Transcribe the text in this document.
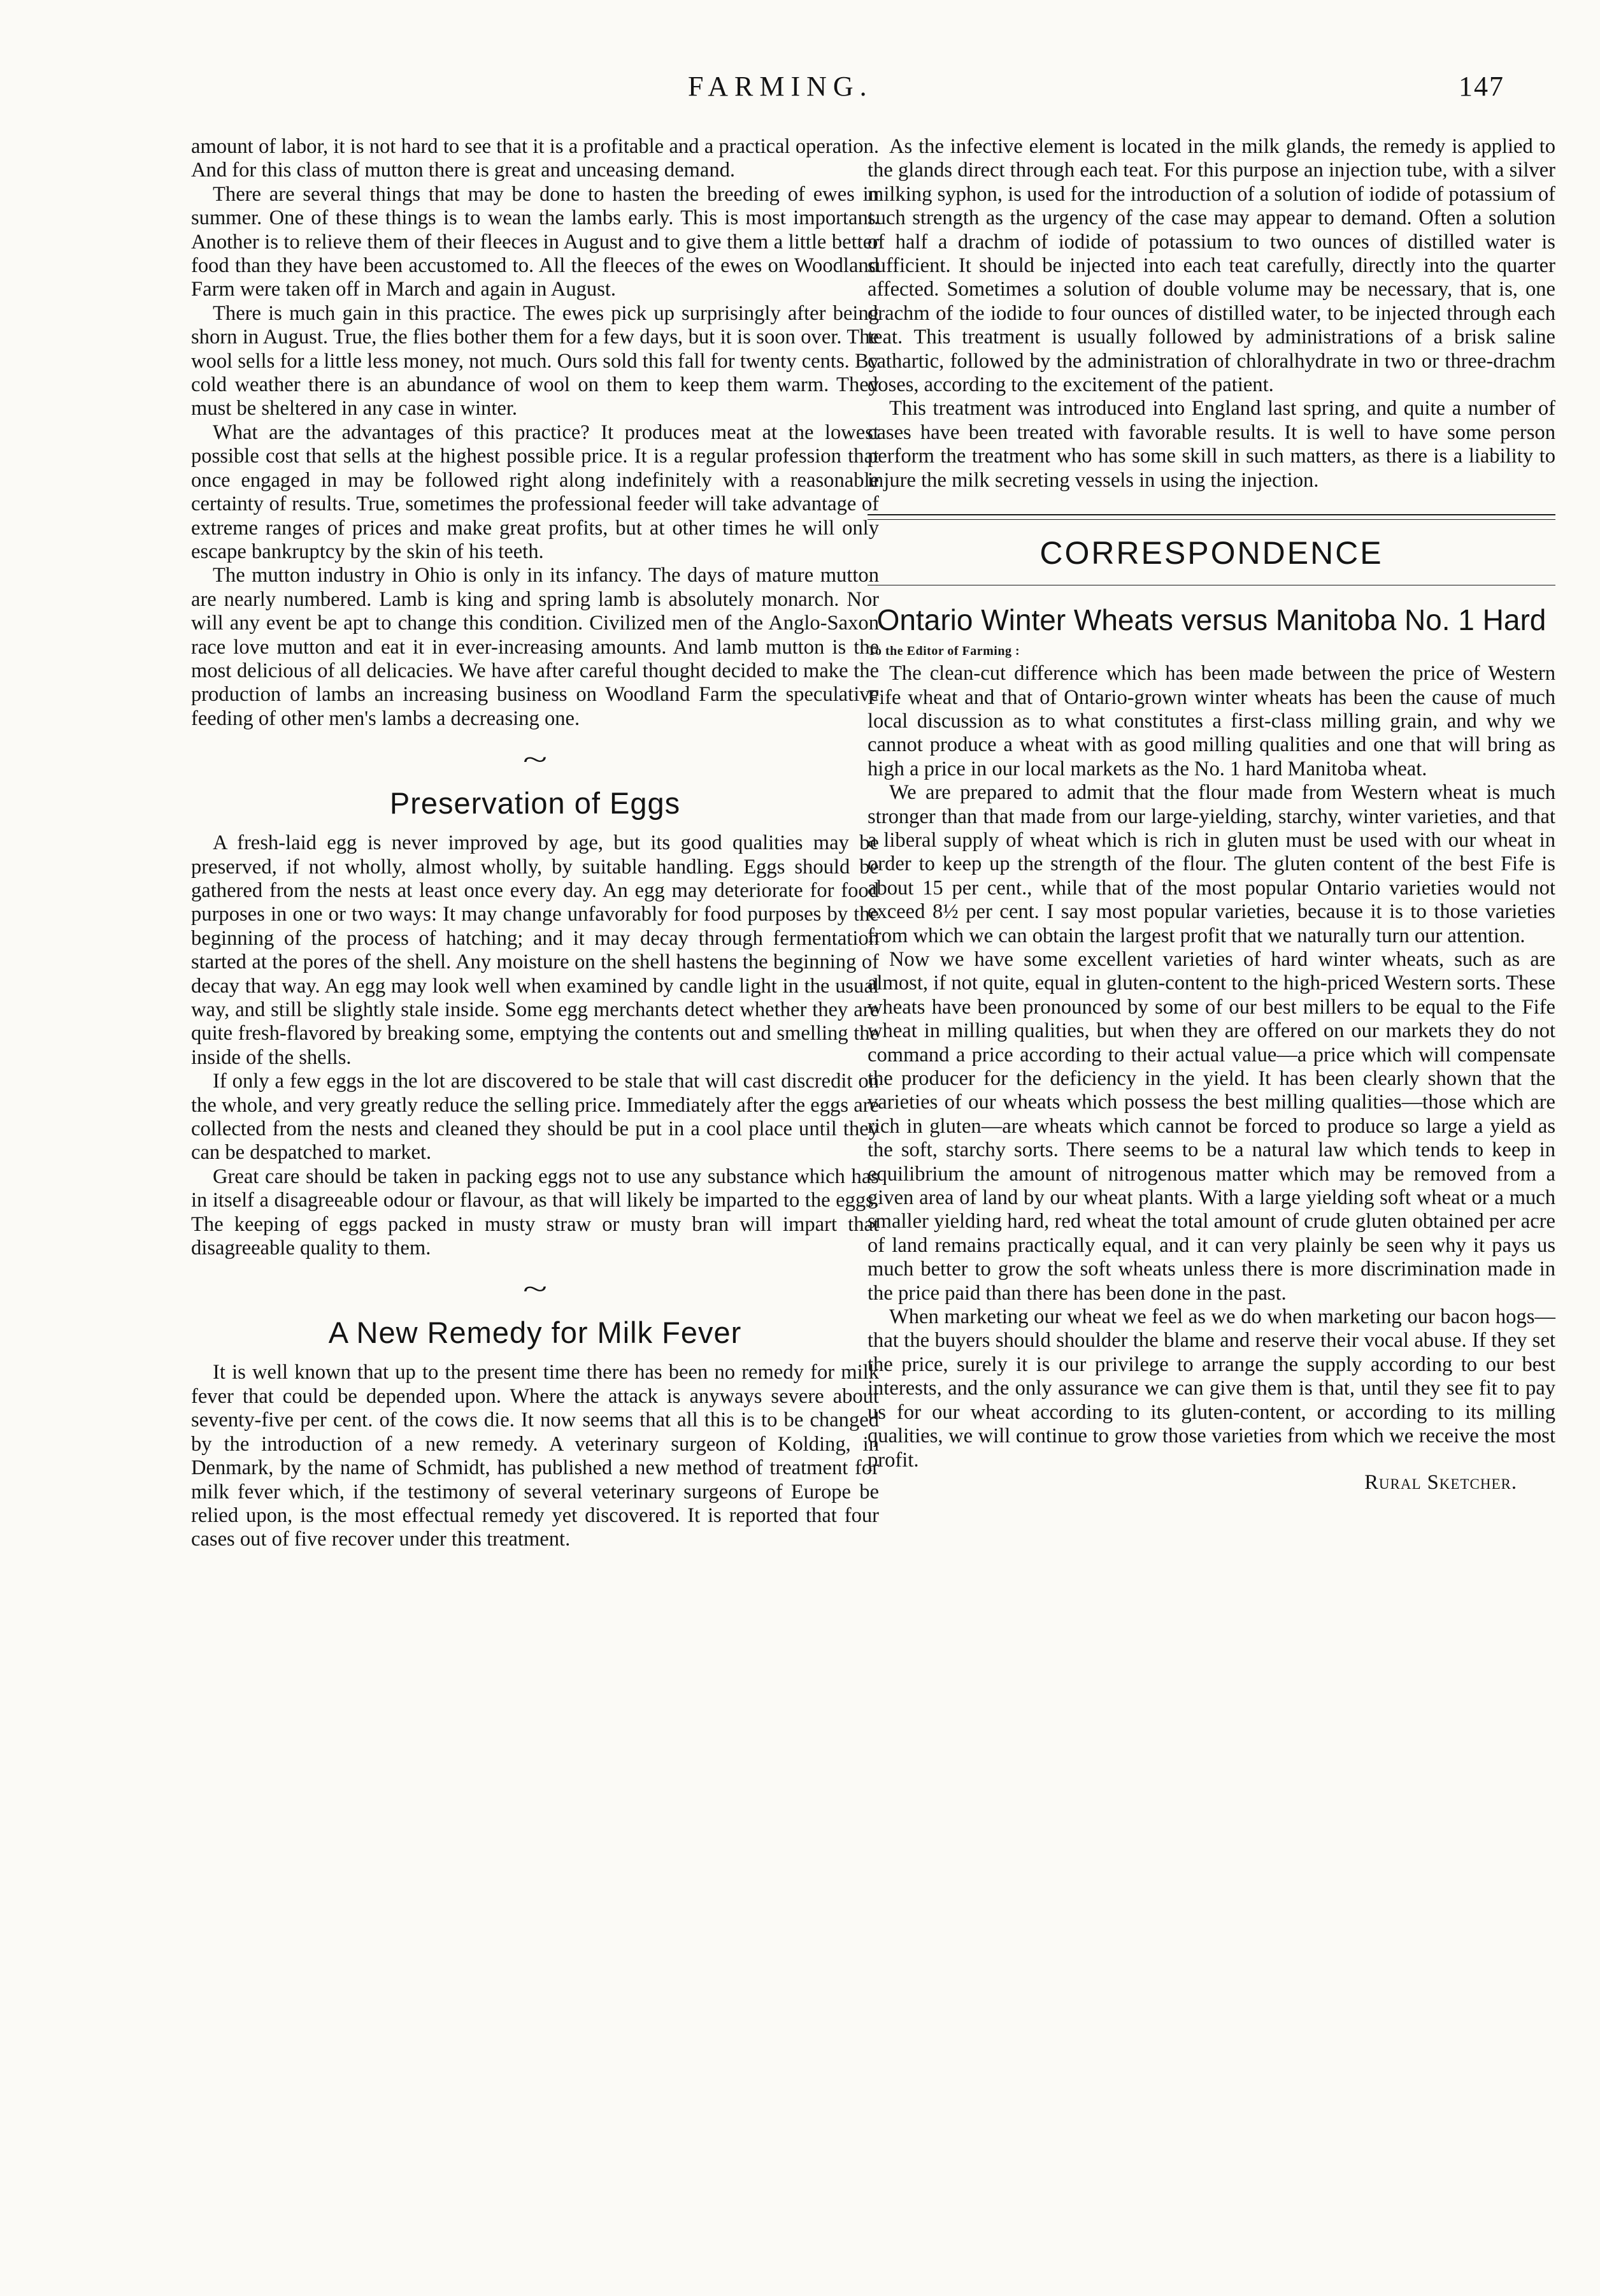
FARMING.	147

amount of labor, it is not hard to see that it is a profitable and a practical operation. And for this class of mutton there is great and unceasing demand.

There are several things that may be done to hasten the breeding of ewes in summer. One of these things is to wean the lambs early. This is most important. Another is to relieve them of their fleeces in August and to give them a little better food than they have been accustomed to. All the fleeces of the ewes on Woodland Farm were taken off in March and again in August.

There is much gain in this practice. The ewes pick up surprisingly after being shorn in August. True, the flies bother them for a few days, but it is soon over. The wool sells for a little less money, not much. Ours sold this fall for twenty cents. By cold weather there is an abundance of wool on them to keep them warm. They must be sheltered in any case in winter.

What are the advantages of this practice? It produces meat at the lowest possible cost that sells at the highest possible price. It is a regular profession that once engaged in may be followed right along indefinitely with a reasonable certainty of results. True, sometimes the professional feeder will take advantage of extreme ranges of prices and make great profits, but at other times he will only escape bankruptcy by the skin of his teeth.

The mutton industry in Ohio is only in its infancy. The days of mature mutton are nearly numbered. Lamb is king and spring lamb is absolutely monarch. Nor will any event be apt to change this condition. Civilized men of the Anglo-Saxon race love mutton and eat it in ever-increasing amounts. And lamb mutton is the most delicious of all delicacies. We have after careful thought decided to make the production of lambs an increasing business on Woodland Farm the speculative feeding of other men's lambs a decreasing one.

~
Preservation of Eggs

A fresh-laid egg is never improved by age, but its good qualities may be preserved, if not wholly, almost wholly, by suitable handling. Eggs should be gathered from the nests at least once every day. An egg may deteriorate for food purposes in one or two ways: It may change unfavorably for food purposes by the beginning of the process of hatching; and it may decay through fermentation started at the pores of the shell. Any moisture on the shell hastens the beginning of decay that way. An egg may look well when examined by candle light in the usual way, and still be slightly stale inside. Some egg merchants detect whether they are quite fresh-flavored by breaking some, emptying the contents out and smelling the inside of the shells.

If only a few eggs in the lot are discovered to be stale that will cast discredit on the whole, and very greatly reduce the selling price. Immediately after the eggs are collected from the nests and cleaned they should be put in a cool place until they can be despatched to market.

Great care should be taken in packing eggs not to use any substance which has in itself a disagreeable odour or flavour, as that will likely be imparted to the eggs. The keeping of eggs packed in musty straw or musty bran will impart that disagreeable quality to them.

~
A New Remedy for Milk Fever

It is well known that up to the present time there has been no remedy for milk fever that could be depended upon. Where the attack is anyways severe about seventy-five per cent. of the cows die. It now seems that all this is to be changed by the introduction of a new remedy. A veterinary surgeon of Kolding, in Denmark, by the name of Schmidt, has published a new method of treatment for milk fever which, if the testimony of several veterinary surgeons of Europe be relied upon, is the most effectual remedy yet discovered. It is reported that four cases out of five recover under this treatment.

As the infective element is located in the milk glands, the remedy is applied to the glands direct through each teat. For this purpose an injection tube, with a silver milking syphon, is used for the introduction of a solution of iodide of potassium of such strength as the urgency of the case may appear to demand. Often a solution of half a drachm of iodide of potassium to two ounces of distilled water is sufficient. It should be injected into each teat carefully, directly into the quarter affected. Sometimes a solution of double volume may be necessary, that is, one drachm of the iodide to four ounces of distilled water, to be injected through each teat. This treatment is usually followed by administrations of a brisk saline cathartic, followed by the administration of chloralhydrate in two or three-drachm doses, according to the excitement of the patient.

This treatment was introduced into England last spring, and quite a number of cases have been treated with favorable results. It is well to have some person perform the treatment who has some skill in such matters, as there is a liability to injure the milk secreting vessels in using the injection.

CORRESPONDENCE
Ontario Winter Wheats versus Manitoba No. 1 Hard
To the Editor of Farming :

The clean-cut difference which has been made between the price of Western Fife wheat and that of Ontario-grown winter wheats has been the cause of much local discussion as to what constitutes a first-class milling grain, and why we cannot produce a wheat with as good milling qualities and one that will bring as high a price in our local markets as the No. 1 hard Manitoba wheat.

We are prepared to admit that the flour made from Western wheat is much stronger than that made from our large-yielding, starchy, winter varieties, and that a liberal supply of wheat which is rich in gluten must be used with our wheat in order to keep up the strength of the flour. The gluten content of the best Fife is about 15 per cent., while that of the most popular Ontario varieties would not exceed 8½ per cent. I say most popular varieties, because it is to those varieties from which we can obtain the largest profit that we naturally turn our attention.

Now we have some excellent varieties of hard winter wheats, such as are almost, if not quite, equal in gluten-content to the high-priced Western sorts. These wheats have been pronounced by some of our best millers to be equal to the Fife wheat in milling qualities, but when they are offered on our markets they do not command a price according to their actual value—a price which will compensate the producer for the deficiency in the yield. It has been clearly shown that the varieties of our wheats which possess the best milling qualities—those which are rich in gluten—are wheats which cannot be forced to produce so large a yield as the soft, starchy sorts. There seems to be a natural law which tends to keep in equilibrium the amount of nitrogenous matter which may be removed from a given area of land by our wheat plants. With a large yielding soft wheat or a much smaller yielding hard, red wheat the total amount of crude gluten obtained per acre of land remains practically equal, and it can very plainly be seen why it pays us much better to grow the soft wheats unless there is more discrimination made in the price paid than there has been done in the past.

When marketing our wheat we feel as we do when marketing our bacon hogs—that the buyers should shoulder the blame and reserve their vocal abuse. If they set the price, surely it is our privilege to arrange the supply according to our best interests, and the only assurance we can give them is that, until they see fit to pay us for our wheat according to its gluten-content, or according to its milling qualities, we will continue to grow those varieties from which we receive the most profit.

Rural Sketcher.
